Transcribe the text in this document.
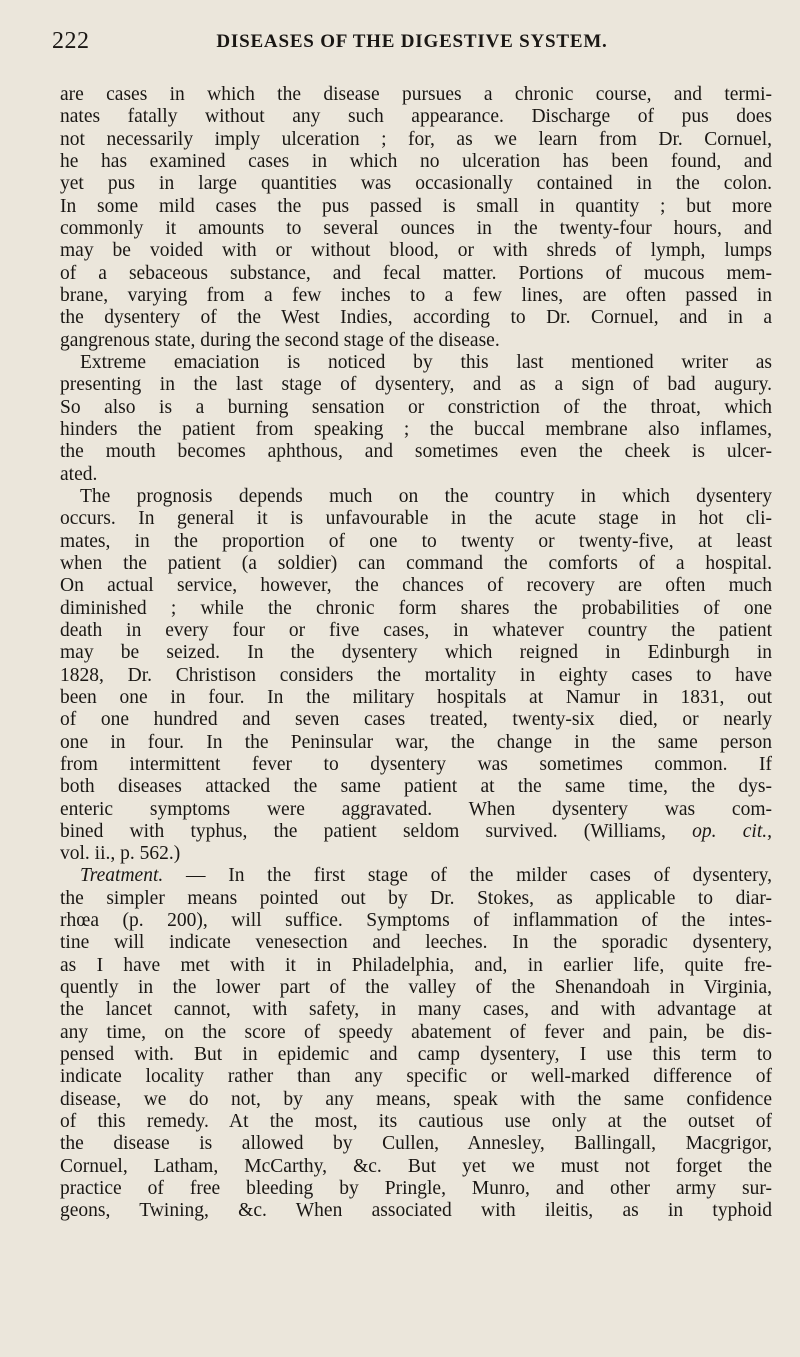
222	DISEASES OF THE DIGESTIVE SYSTEM.
are cases in which the disease pursues a chronic course, and termi-
nates fatally without any such appearance. Discharge of pus does
not necessarily imply ulceration ; for, as we learn from Dr. Cornuel,
he has examined cases in which no ulceration has been found, and
yet pus in large quantities was occasionally contained in the colon.
In some mild cases the pus passed is small in quantity ; but more
commonly it amounts to several ounces in the twenty-four hours, and
may be voided with or without blood, or with shreds of lymph, lumps
of a sebaceous substance, and fecal matter. Portions of mucous mem-
brane, varying from a few inches to a few lines, are often passed in
the dysentery of the West Indies, according to Dr. Cornuel, and in a
gangrenous state, during the second stage of the disease.
Extreme emaciation is noticed by this last mentioned writer as
presenting in the last stage of dysentery, and as a sign of bad augury.
So also is a burning sensation or constriction of the throat, which
hinders the patient from speaking ; the buccal membrane also inflames,
the mouth becomes aphthous, and sometimes even the cheek is ulcer-
ated.
The prognosis depends much on the country in which dysentery
occurs. In general it is unfavourable in the acute stage in hot cli-
mates, in the proportion of one to twenty or twenty-five, at least
when the patient (a soldier) can command the comforts of a hospital.
On actual service, however, the chances of recovery are often much
diminished ; while the chronic form shares the probabilities of one
death in every four or five cases, in whatever country the patient
may be seized. In the dysentery which reigned in Edinburgh in
1828, Dr. Christison considers the mortality in eighty cases to have
been one in four. In the military hospitals at Namur in 1831, out
of one hundred and seven cases treated, twenty-six died, or nearly
one in four. In the Peninsular war, the change in the same person
from intermittent fever to dysentery was sometimes common. If
both diseases attacked the same patient at the same time, the dys-
enteric symptoms were aggravated. When dysentery was com-
bined with typhus, the patient seldom survived. (Williams, op. cit.,
vol. ii., p. 562.)
Treatment. — In the first stage of the milder cases of dysentery,
the simpler means pointed out by Dr. Stokes, as applicable to diar-
rhœa (p. 200), will suffice. Symptoms of inflammation of the intes-
tine will indicate venesection and leeches. In the sporadic dysentery,
as I have met with it in Philadelphia, and, in earlier life, quite fre-
quently in the lower part of the valley of the Shenandoah in Virginia,
the lancet cannot, with safety, in many cases, and with advantage at
any time, on the score of speedy abatement of fever and pain, be dis-
pensed with. But in epidemic and camp dysentery, I use this term to
indicate locality rather than any specific or well-marked difference of
disease, we do not, by any means, speak with the same confidence
of this remedy. At the most, its cautious use only at the outset of
the disease is allowed by Cullen, Annesley, Ballingall, Macgrigor,
Cornuel, Latham, McCarthy, &c. But yet we must not forget the
practice of free bleeding by Pringle, Munro, and other army sur-
geons, Twining, &c. When associated with ileitis, as in typhoid
